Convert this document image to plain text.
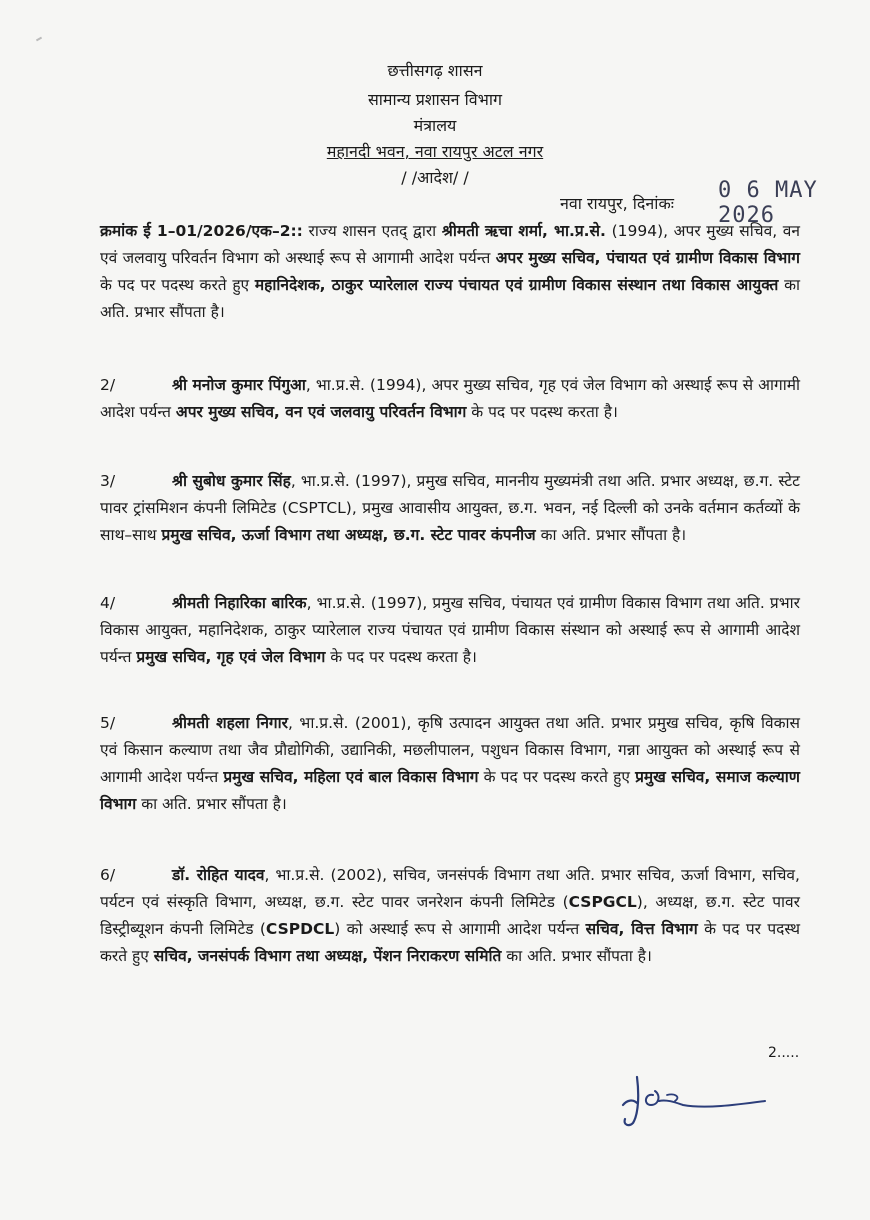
छत्तीसगढ़ शासन
सामान्य प्रशासन विभाग
मंत्रालय
महानदी भवन, नवा रायपुर अटल नगर
/ /आदेश/ /
नवा रायपुर, दिनांकः
0 6 MAY 2026

क्रमांक ई 1–01/2026/एक–2:: राज्य शासन एतद् द्वारा श्रीमती ऋचा शर्मा, भा.प्र.से. (1994), अपर मुख्य सचिव, वन एवं जलवायु परिवर्तन विभाग को अस्थाई रूप से आगामी आदेश पर्यन्त अपर मुख्य सचिव, पंचायत एवं ग्रामीण विकास विभाग के पद पर पदस्थ करते हुए महानिदेशक, ठाकुर प्यारेलाल राज्य पंचायत एवं ग्रामीण विकास संस्थान तथा विकास आयुक्त का अति. प्रभार सौंपता है।

2/	श्री मनोज कुमार पिंगुआ, भा.प्र.से. (1994), अपर मुख्य सचिव, गृह एवं जेल विभाग को अस्थाई रूप से आगामी आदेश पर्यन्त अपर मुख्य सचिव, वन एवं जलवायु परिवर्तन विभाग के पद पर पदस्थ करता है।

3/	श्री सुबोध कुमार सिंह, भा.प्र.से. (1997), प्रमुख सचिव, माननीय मुख्यमंत्री तथा अति. प्रभार अध्यक्ष, छ.ग. स्टेट पावर ट्रांसमिशन कंपनी लिमिटेड (CSPTCL), प्रमुख आवासीय आयुक्त, छ.ग. भवन, नई दिल्ली को उनके वर्तमान कर्तव्यों के साथ–साथ प्रमुख सचिव, ऊर्जा विभाग तथा अध्यक्ष, छ.ग. स्टेट पावर कंपनीज का अति. प्रभार सौंपता है।

4/	श्रीमती निहारिका बारिक, भा.प्र.से. (1997), प्रमुख सचिव, पंचायत एवं ग्रामीण विकास विभाग तथा अति. प्रभार विकास आयुक्त, महानिदेशक, ठाकुर प्यारेलाल राज्य पंचायत एवं ग्रामीण विकास संस्थान को अस्थाई रूप से आगामी आदेश पर्यन्त प्रमुख सचिव, गृह एवं जेल विभाग के पद पर पदस्थ करता है।

5/	श्रीमती शहला निगार, भा.प्र.से. (2001), कृषि उत्पादन आयुक्त तथा अति. प्रभार प्रमुख सचिव, कृषि विकास एवं किसान कल्याण तथा जैव प्रौद्योगिकी, उद्यानिकी, मछलीपालन, पशुधन विकास विभाग, गन्ना आयुक्त को अस्थाई रूप से आगामी आदेश पर्यन्त प्रमुख सचिव, महिला एवं बाल विकास विभाग के पद पर पदस्थ करते हुए प्रमुख सचिव, समाज कल्याण विभाग का अति. प्रभार सौंपता है।

6/	डॉ. रोहित यादव, भा.प्र.से. (2002), सचिव, जनसंपर्क विभाग तथा अति. प्रभार सचिव, ऊर्जा विभाग, सचिव, पर्यटन एवं संस्कृति विभाग, अध्यक्ष, छ.ग. स्टेट पावर जनरेशन कंपनी लिमिटेड (CSPGCL), अध्यक्ष, छ.ग. स्टेट पावर डिस्ट्रीब्यूशन कंपनी लिमिटेड (CSPDCL) को अस्थाई रूप से आगामी आदेश पर्यन्त सचिव, वित्त विभाग के पद पर पदस्थ करते हुए सचिव, जनसंपर्क विभाग तथा अध्यक्ष, पेंशन निराकरण समिति का अति. प्रभार सौंपता है।

2.....
